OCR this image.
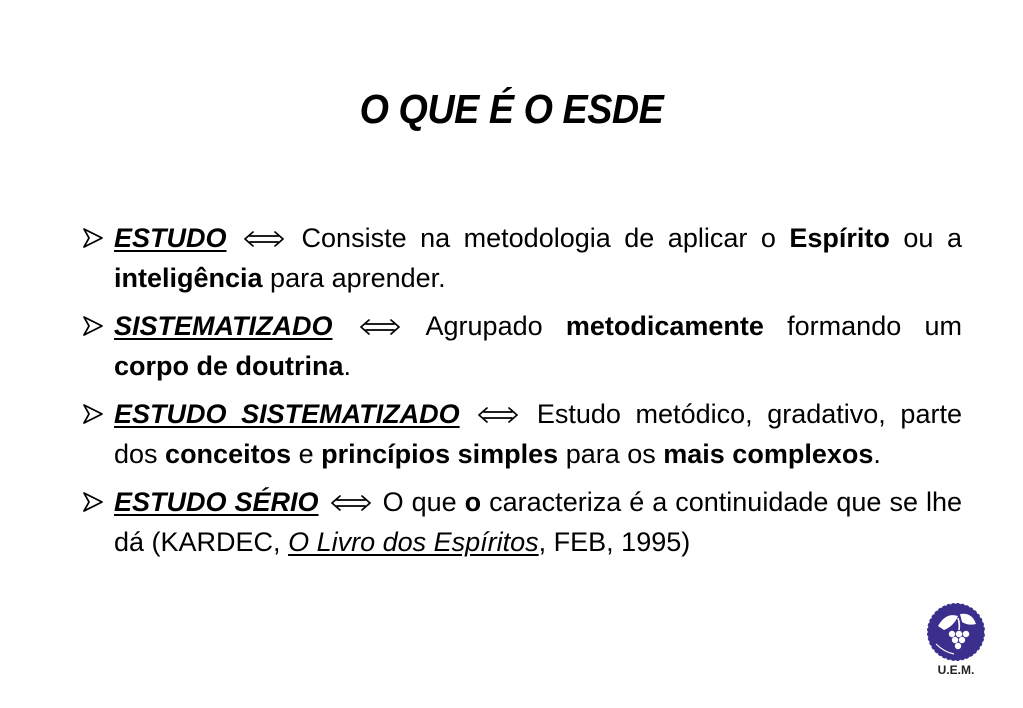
O QUE É O ESDE
ESTUDO	Consiste na metodologia de aplicar o Espírito ou a inteligência para aprender.
SISTEMATIZADO	Agrupado metodicamente formando um corpo de doutrina.
ESTUDO SISTEMATIZADO	Estudo metódico, gradativo, parte dos conceitos e princípios simples para os mais complexos.
ESTUDO SÉRIO O que o caracteriza é a continuidade que se lhe dá (KARDEC, O Livro dos Espíritos, FEB, 1995)
U.E.M.
